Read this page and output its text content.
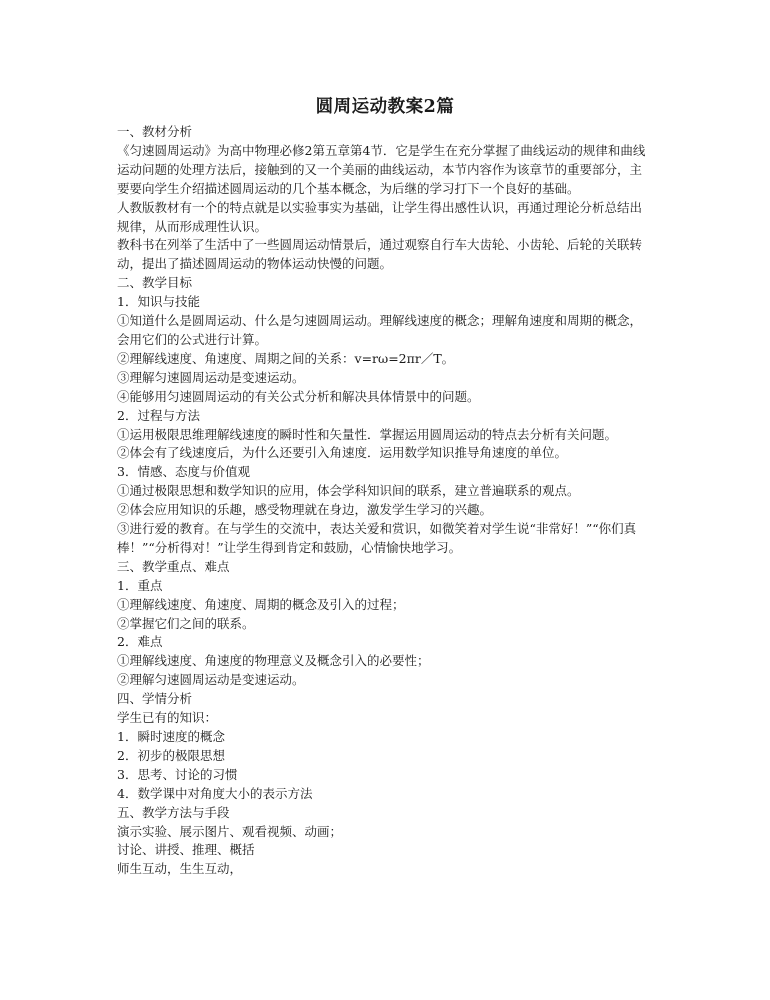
圆周运动教案2篇

一、教材分析

《匀速圆周运动》为高中物理必修2第五章第4节．它是学生在充分掌握了曲线运动的规律和曲线运动问题的处理方法后，接触到的又一个美丽的曲线运动，本节内容作为该章节的重要部分，主要要向学生介绍描述圆周运动的几个基本概念，为后继的学习打下一个良好的基础。

人教版教材有一个的特点就是以实验事实为基础，让学生得出感性认识，再通过理论分析总结出规律，从而形成理性认识。

教科书在列举了生活中了一些圆周运动情景后，通过观察自行车大齿轮、小齿轮、后轮的关联转动，提出了描述圆周运动的物体运动快慢的问题。

二、教学目标

1．知识与技能

①知道什么是圆周运动、什么是匀速圆周运动。理解线速度的概念；理解角速度和周期的概念，会用它们的公式进行计算。

②理解线速度、角速度、周期之间的关系：v=rω=2πr／T。

③理解匀速圆周运动是变速运动。

④能够用匀速圆周运动的有关公式分析和解决具体情景中的问题。

2．过程与方法

①运用极限思维理解线速度的瞬时性和矢量性．掌握运用圆周运动的特点去分析有关问题。

②体会有了线速度后，为什么还要引入角速度．运用数学知识推导角速度的单位。

3．情感、态度与价值观

①通过极限思想和数学知识的应用，体会学科知识间的联系，建立普遍联系的观点。

②体会应用知识的乐趣，感受物理就在身边，激发学生学习的兴趣。

③进行爱的教育。在与学生的交流中，表达关爱和赏识，如微笑着对学生说“非常好！”“你们真棒！”“分析得对！”让学生得到肯定和鼓励，心情愉快地学习。

三、教学重点、难点

1．重点

①理解线速度、角速度、周期的概念及引入的过程；

②掌握它们之间的联系。

2．难点

①理解线速度、角速度的物理意义及概念引入的必要性；

②理解匀速圆周运动是变速运动。

四、学情分析

学生已有的知识：

1．瞬时速度的概念

2．初步的极限思想

3．思考、讨论的习惯

4．数学课中对角度大小的表示方法

五、教学方法与手段

演示实验、展示图片、观看视频、动画；

讨论、讲授、推理、概括

师生互动，生生互动，
